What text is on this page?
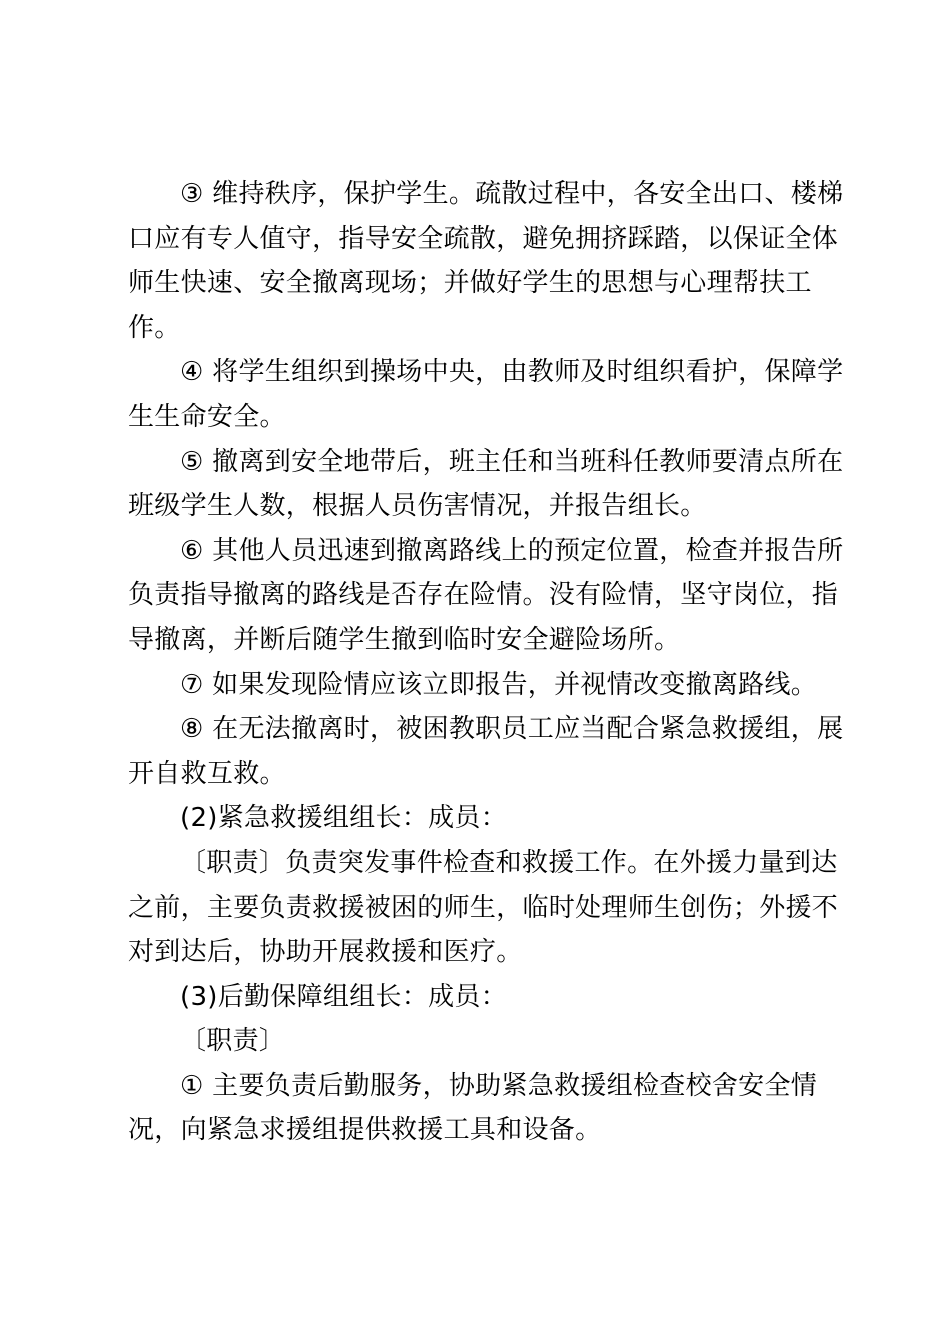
③ 维持秩序，保护学生。疏散过程中，各安全出口、楼梯
口应有专人值守，指导安全疏散，避免拥挤踩踏，以保证全体
师生快速、安全撤离现场；并做好学生的思想与心理帮扶工
作。
④ 将学生组织到操场中央，由教师及时组织看护，保障学
生生命安全。
⑤ 撤离到安全地带后，班主任和当班科任教师要清点所在
班级学生人数，根据人员伤害情况，并报告组长。
⑥ 其他人员迅速到撤离路线上的预定位置，检查并报告所
负责指导撤离的路线是否存在险情。没有险情，坚守岗位，指
导撤离，并断后随学生撤到临时安全避险场所。
⑦ 如果发现险情应该立即报告，并视情改变撤离路线。
⑧ 在无法撤离时，被困教职员工应当配合紧急救援组，展
开自救互救。
(2)紧急救援组组长：成员：
〔职责〕负责突发事件检查和救援工作。在外援力量到达
之前，主要负责救援被困的师生，临时处理师生创伤；外援不
对到达后，协助开展救援和医疗。
(3)后勤保障组组长：成员：
〔职责〕
① 主要负责后勤服务，协助紧急救援组检查校舍安全情
况，向紧急求援组提供救援工具和设备。
